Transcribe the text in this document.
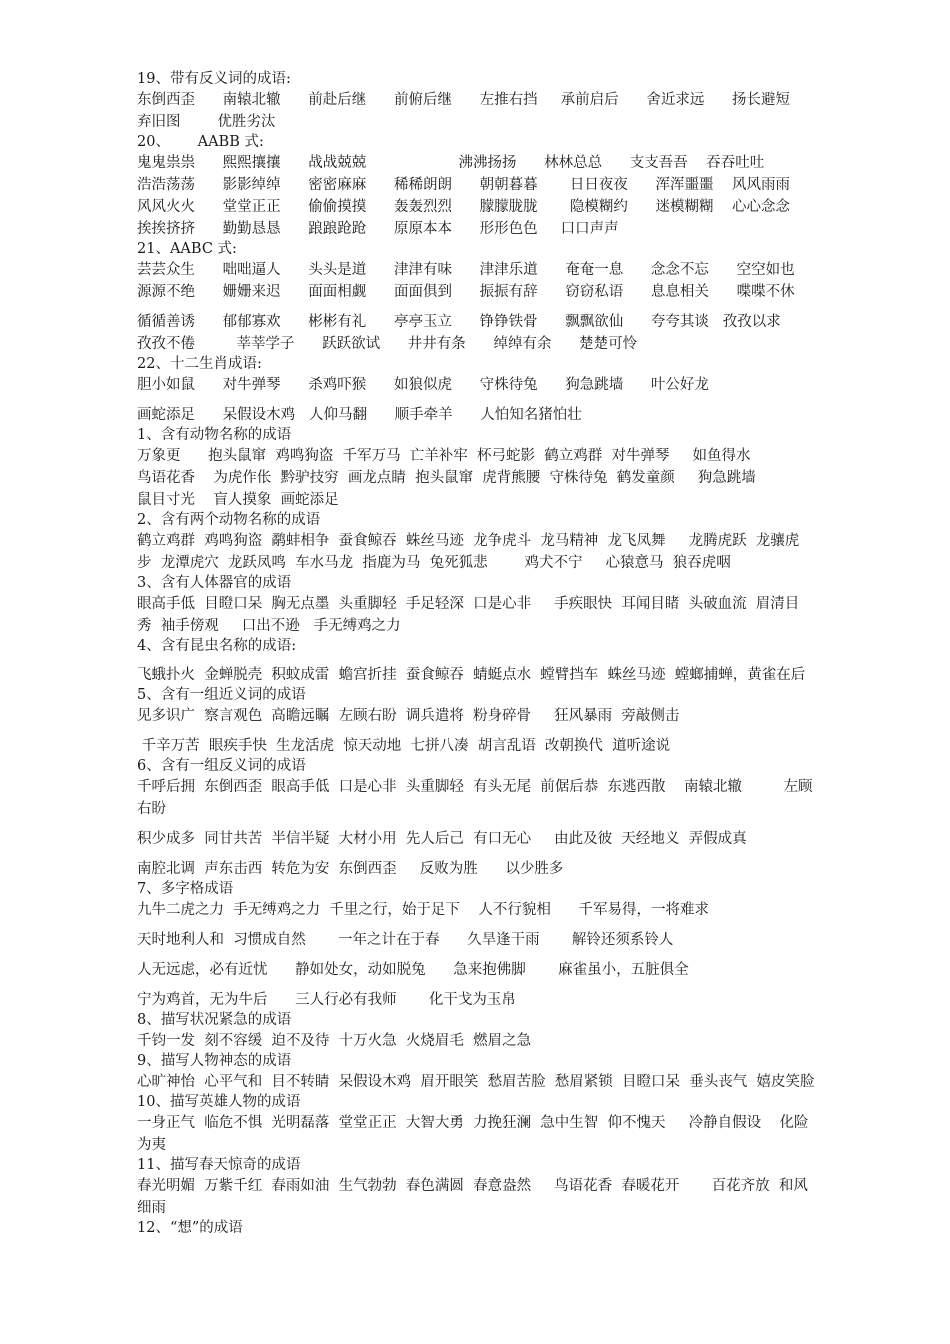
19、带有反义词的成语:

东倒西歪      南辕北辙      前赴后继      前俯后继      左推右挡     承前启后      舍近求远      扬长避短

弃旧图        优胜劣汰

20、      AABB 式:

鬼鬼祟祟      熙熙攘攘      战战兢兢                    沸沸扬扬      林林总总      支支吾吾    吞吞吐吐

浩浩荡荡      影影绰绰      密密麻麻      稀稀朗朗      朝朝暮暮       日日夜夜      浑浑噩噩    风风雨雨

风风火火      堂堂正正      偷偷摸摸      轰轰烈烈      朦朦胧胧       隐模糊约      迷模糊糊    心心念念

挨挨挤挤      勤勤恳恳      踉踉跄跄      原原本本      形形色色     口口声声

21、AABC 式:

芸芸众生      咄咄逼人      头头是道      津津有味      津津乐道      奄奄一息      念念不忘      空空如也

源源不绝      姗姗来迟      面面相觑      面面俱到      振振有辞      窃窃私语      息息相关      喋喋不休

循循善诱      郁郁寡欢      彬彬有礼      亭亭玉立      铮铮铁骨      飘飘欲仙      夸夸其谈   孜孜以求

孜孜不倦         莘莘学子      跃跃欲试      井井有条      绰绰有余      楚楚可怜

22、十二生肖成语:

胆小如鼠      对牛弹琴      杀鸡吓猴      如狼似虎      守株待兔      狗急跳墙      叶公好龙

画蛇添足      呆假设木鸡   人仰马翻      顺手牵羊      人怕知名猪怕壮

1、含有动物名称的成语

万象更      抱头鼠窜  鸡鸣狗盗  千军万马  亡羊补牢  杯弓蛇影  鹤立鸡群  对牛弹琴     如鱼得水

鸟语花香    为虎作伥  黔驴技穷  画龙点睛  抱头鼠窜  虎背熊腰  守株待兔  鹤发童颜     狗急跳墙

鼠目寸光    盲人摸象  画蛇添足

2、含有两个动物名称的成语

鹤立鸡群  鸡鸣狗盗  鹬蚌相争  蚕食鲸吞  蛛丝马迹  龙争虎斗  龙马精神  龙飞凤舞     龙腾虎跃  龙骧虎

步  龙潭虎穴  龙跃凤鸣  车水马龙  指鹿为马  兔死狐悲        鸡犬不宁     心猿意马  狼吞虎咽

3、含有人体器官的成语

眼高手低  目瞪口呆  胸无点墨  头重脚轻  手足轻深  口是心非     手疾眼快  耳闻目睹  头破血流  眉清目

秀  袖手傍观     口出不逊   手无缚鸡之力

4、含有昆虫名称的成语:

飞蛾扑火  金蝉脱壳  积蚊成雷  蟾宫折挂  蚕食鲸吞  蜻蜓点水  螳臂挡车  蛛丝马迹  螳螂捕蝉，黄雀在后

5、含有一组近义词的成语

见多识广  察言观色  高瞻远瞩  左顾右盼  调兵遣将  粉身碎骨     狂风暴雨  旁敲侧击

千辛万苦  眼疾手快  生龙活虎  惊天动地  七拼八凑  胡言乱语  改朝换代  道听途说

6、含有一组反义词的成语

千呼后拥  东倒西歪  眼高手低  口是心非  头重脚轻  有头无尾  前倨后恭  东逃西散    南辕北辙         左顾

右盼

积少成多  同甘共苦  半信半疑  大材小用  先人后己  有口无心     由此及彼  天经地义  弄假成真

南腔北调  声东击西  转危为安  东倒西歪     反败为胜      以少胜多

7、多字格成语

九牛二虎之力  手无缚鸡之力  千里之行，始于足下    人不行貌相      千军易得，一将难求

天时地利人和  习惯成自然       一年之计在于春      久旱逢干雨       解铃还须系铃人

人无远虑，必有近忧      静如处女，动如脱兔      急来抱佛脚       麻雀虽小，五脏俱全

宁为鸡首，无为牛后      三人行必有我师       化干戈为玉帛

8、描写状况紧急的成语

千钧一发  刻不容缓  迫不及待  十万火急  火烧眉毛  燃眉之急

9、描写人物神态的成语

心旷神怡  心平气和  目不转睛  呆假设木鸡  眉开眼笑  愁眉苦脸  愁眉紧锁  目瞪口呆  垂头丧气  嬉皮笑脸

10、描写英雄人物的成语

一身正气  临危不惧  光明磊落  堂堂正正  大智大勇  力挽狂澜  急中生智  仰不愧天     冷静自假设    化险

为夷

11、描写春天惊奇的成语

春光明媚  万紫千红  春雨如油  生气勃勃  春色满圆  春意盎然     鸟语花香  春暖花开       百花齐放  和风

细雨

12、“想”的成语
